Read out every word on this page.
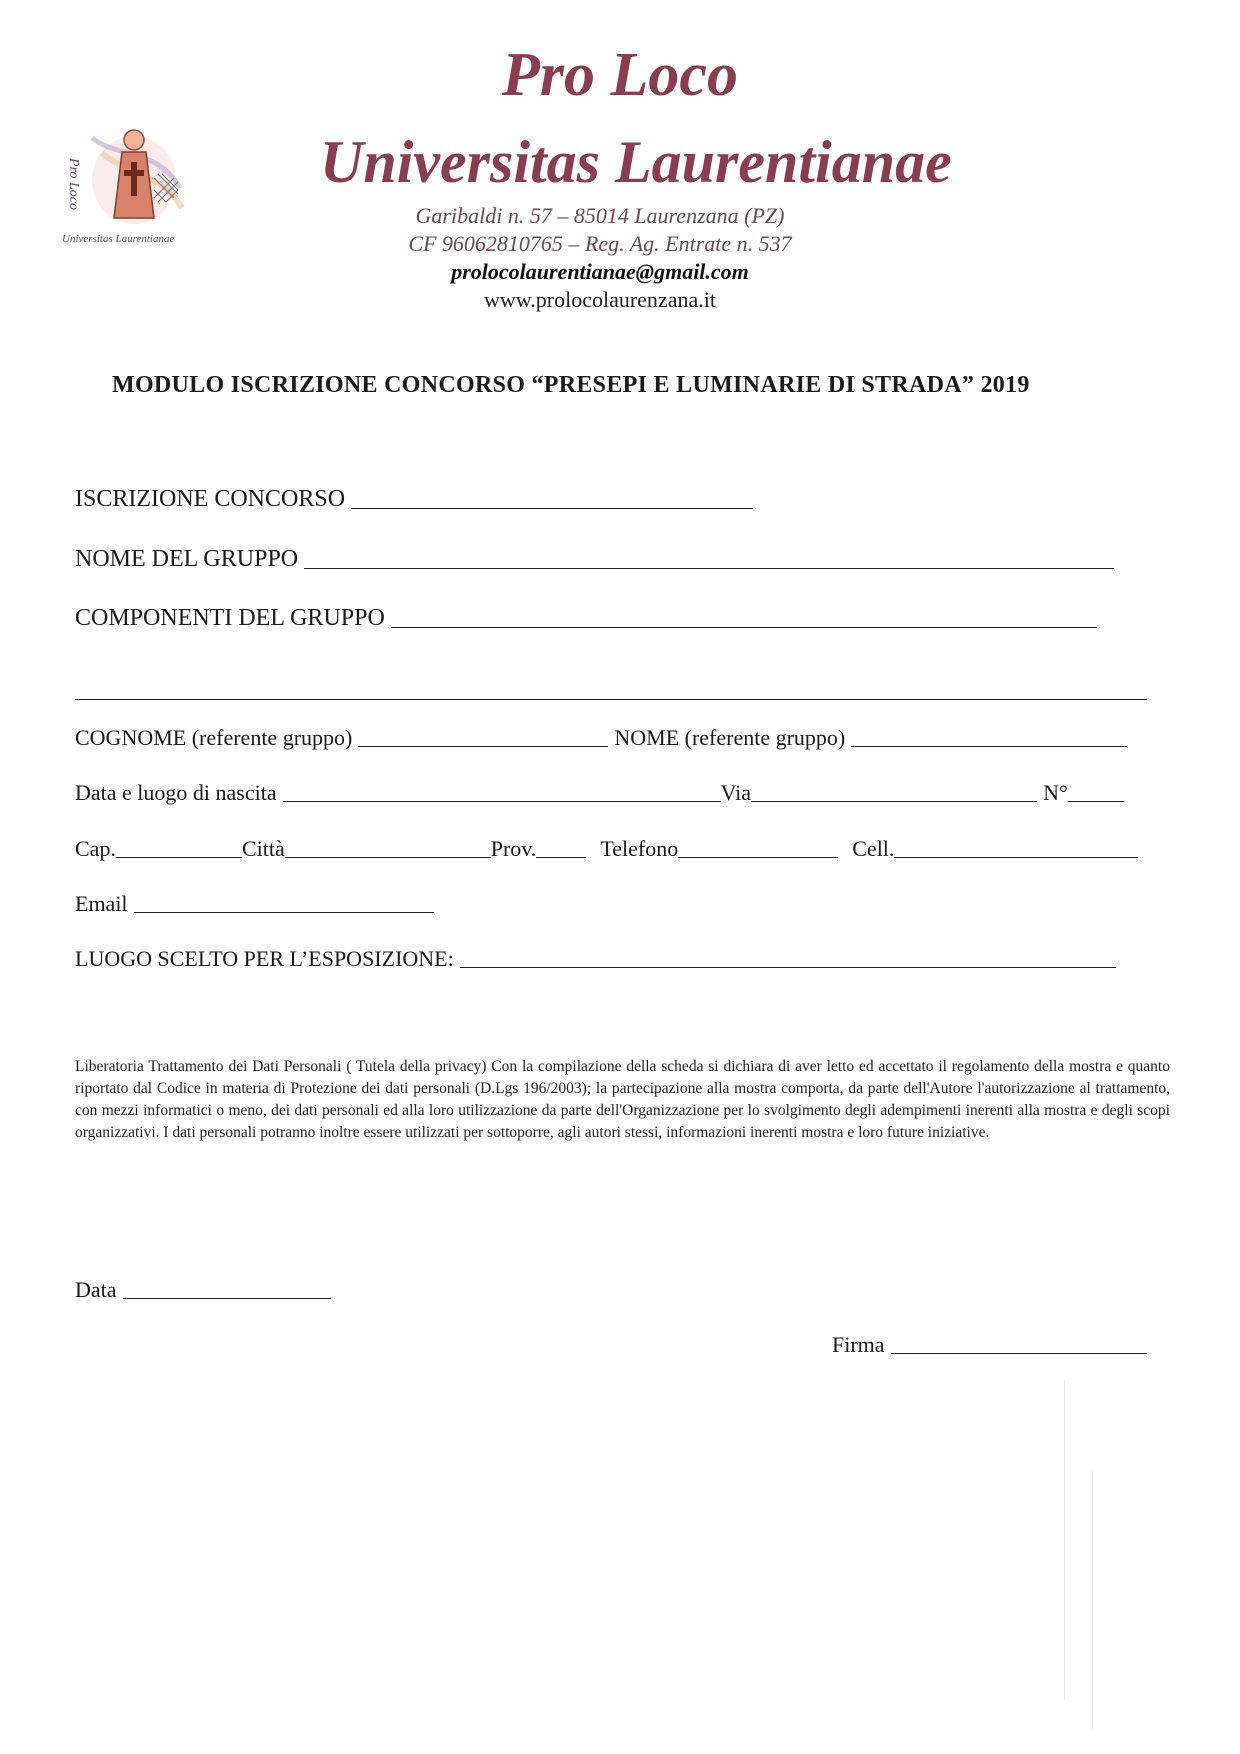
Pro Loco
Universitas Laurentianae
Pro Loco
Universitas Laurentianae
Garibaldi n. 57 – 85014 Laurenzana (PZ)
CF 96062810765 – Reg. Ag. Entrate n. 537
prolocolaurentianae@gmail.com
www.prolocolaurenzana.it
MODULO ISCRIZIONE CONCORSO “PRESEPI E LUMINARIE DI STRADA” 2019
ISCRIZIONE CONCORSO
NOME DEL GRUPPO
COMPONENTI DEL GRUPPO
COGNOME (referente gruppo)	NOME (referente gruppo)
Data e luogo di nascita	Via	N°
Cap.	Città	Prov.	Telefono	Cell.
Email
LUOGO SCELTO PER L’ESPOSIZIONE:
Liberatoria Trattamento dei Dati Personali ( Tutela della privacy) Con la compilazione della scheda si dichiara di aver letto ed accettato il regolamento della mostra e quanto riportato dal Codice in materia di Protezione dei dati personali (D.Lgs 196/2003); la partecipazione alla mostra comporta, da parte dell'Autore l'autorizzazione al trattamento, con mezzi informatici o meno, dei dati personali ed alla loro utilizzazione da parte dell'Organizzazione per lo svolgimento degli adempimenti inerenti alla mostra e degli scopi organizzativi. I dati personali potranno inoltre essere utilizzati per sottoporre, agli autori stessi, informazioni inerenti mostra e loro future iniziative.
Data
Firma
